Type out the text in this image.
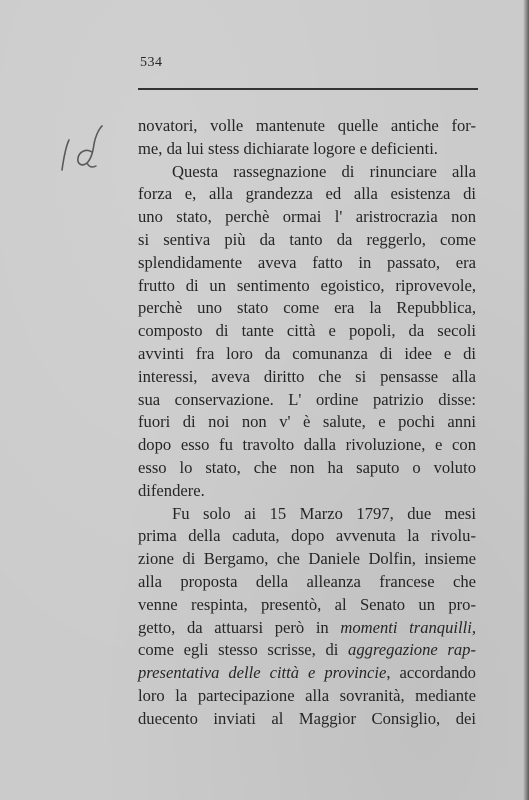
534
novatori, volle mantenute quelle antiche for-
me, da lui stess dichiarate logore e deficienti.
Questa rassegnazione di rinunciare alla
forza e, alla grandezza ed alla esistenza di
uno stato, perchè ormai l' aristrocrazia non
si sentiva più da tanto da reggerlo, come
splendidamente aveva fatto in passato, era
frutto di un sentimento egoistico, riprovevole,
perchè uno stato come era la Repubblica,
composto di tante città e popoli, da secoli
avvinti fra loro da comunanza di idee e di
interessi, aveva diritto che si pensasse alla
sua conservazione. L' ordine patrizio disse:
fuori di noi non v' è salute, e pochi anni
dopo esso fu travolto dalla rivoluzione, e con
esso lo stato, che non ha saputo o voluto
difendere.
Fu solo ai 15 Marzo 1797, due mesi
prima della caduta, dopo avvenuta la rivolu-
zione di Bergamo, che Daniele Dolfin, insieme
alla proposta della alleanza francese che
venne respinta, presentò, al Senato un pro-
getto, da attuarsi però in momenti tranquilli,
come egli stesso scrisse, di aggregazione rap-
presentativa delle città e provincie, accordando
loro la partecipazione alla sovranità, mediante
duecento inviati al Maggior Consiglio, dei
